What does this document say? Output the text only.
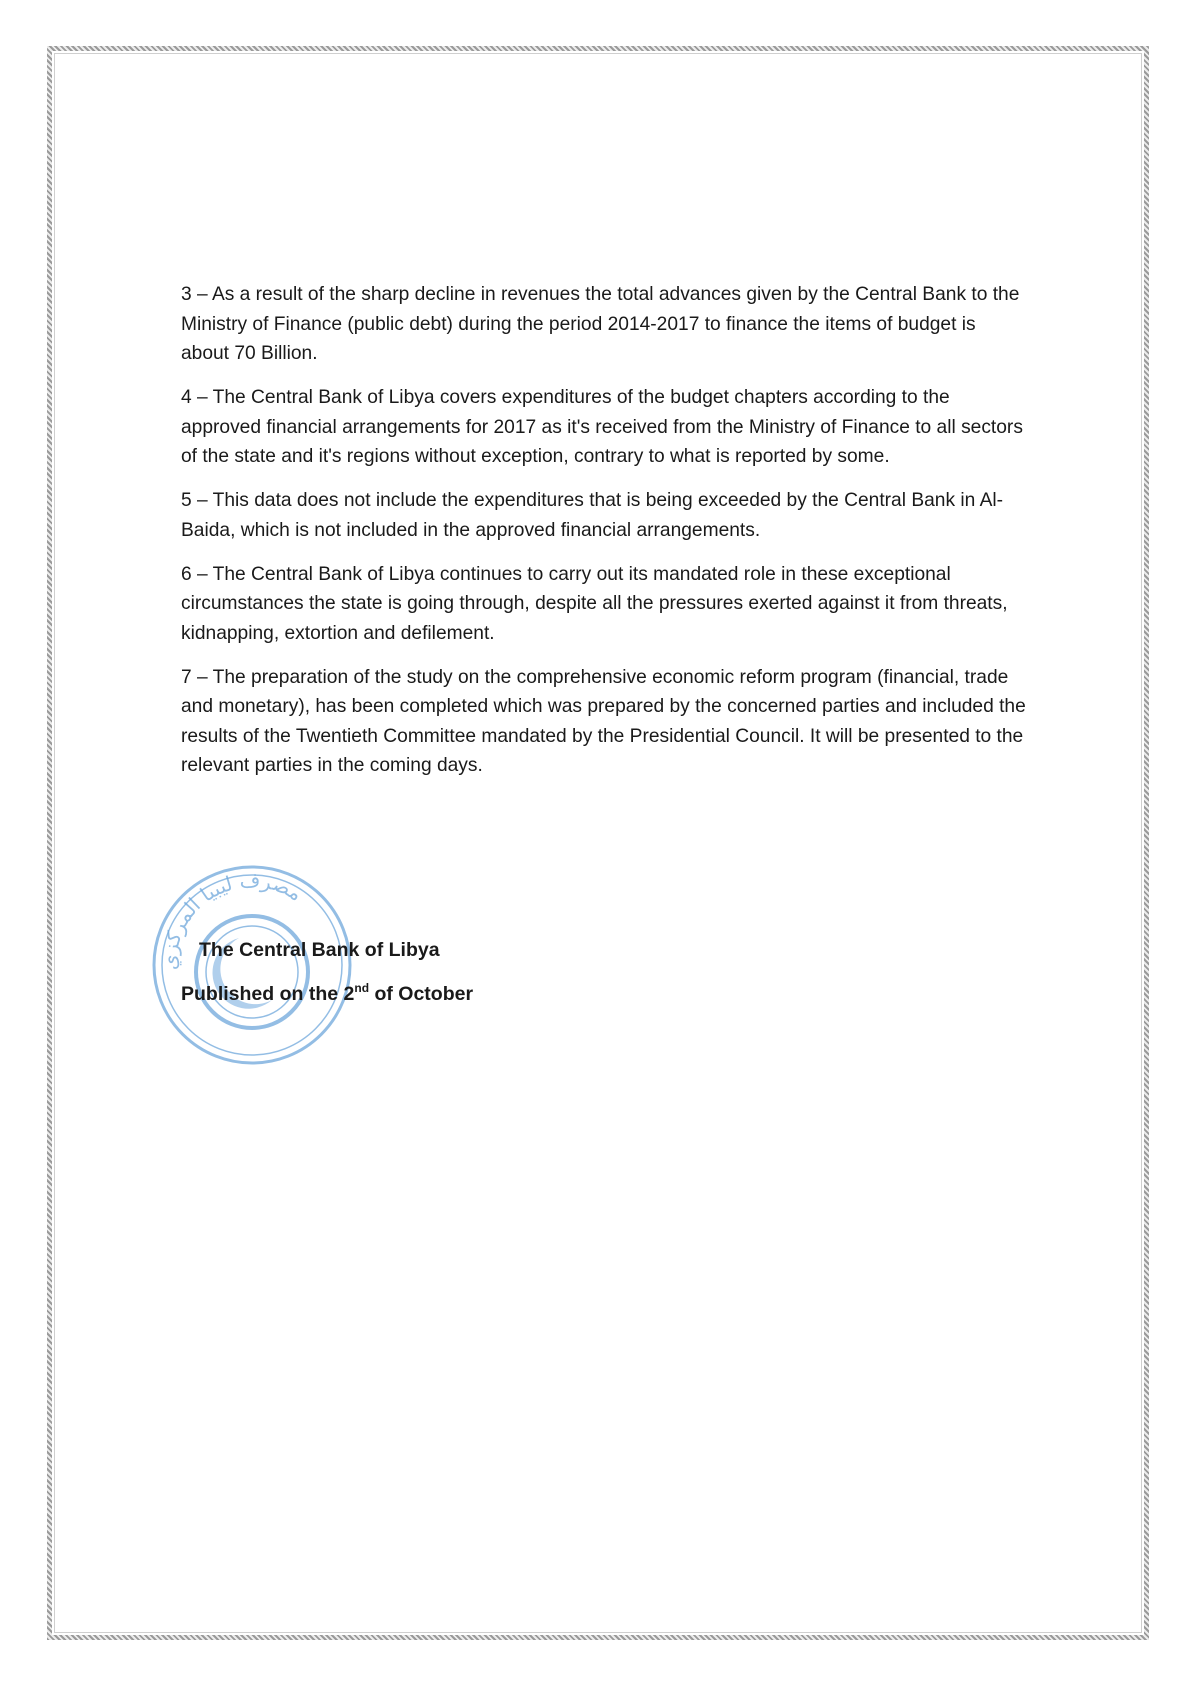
3 – As a result of the sharp decline in revenues the total advances given by the Central Bank to the Ministry of Finance (public debt) during the period 2014-2017 to finance the items of budget is about 70 Billion.

4 – The Central Bank of Libya covers expenditures of the budget chapters according to the approved financial arrangements for 2017 as it's received from the Ministry of Finance to all sectors of the state and it's regions without exception, contrary to what is reported by some.

5 – This data does not include the expenditures that is being exceeded by the Central Bank in Al-Baida, which is not included in the approved financial arrangements.

6 – The Central Bank of Libya continues to carry out its mandated role in these exceptional circumstances the state is going through, despite all the pressures exerted against it from threats, kidnapping, extortion and defilement.

7 – The preparation of the study on the comprehensive economic reform program (financial, trade and monetary), has been completed which was prepared by the concerned parties and included the results of the Twentieth Committee mandated by the Presidential Council. It will be presented to the relevant parties in the coming days.

مصرف ليبيا المركزي
The Central Bank of Libya
Published on the 2nd of October
